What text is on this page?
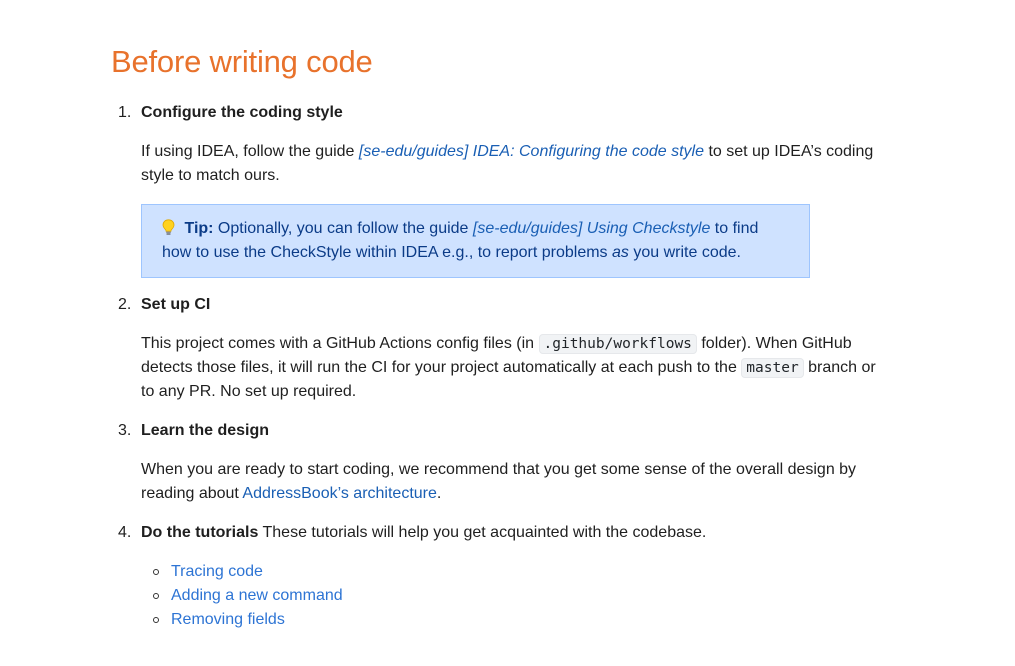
Before writing code
1. Configure the coding style

If using IDEA, follow the guide [se-edu/guides] IDEA: Configuring the code style to set up IDEA’s coding style to match ours.

Tip: Optionally, you can follow the guide [se-edu/guides] Using Checkstyle to find how to use the CheckStyle within IDEA e.g., to report problems as you write code.
2. Set up CI

This project comes with a GitHub Actions config files (in .github/workflows folder). When GitHub detects those files, it will run the CI for your project automatically at each push to the master branch or to any PR. No set up required.

3. Learn the design

When you are ready to start coding, we recommend that you get some sense of the overall design by reading about AddressBook’s architecture.

4. Do the tutorials These tutorials will help you get acquainted with the codebase.
Tracing code
Adding a new command
Removing fields
